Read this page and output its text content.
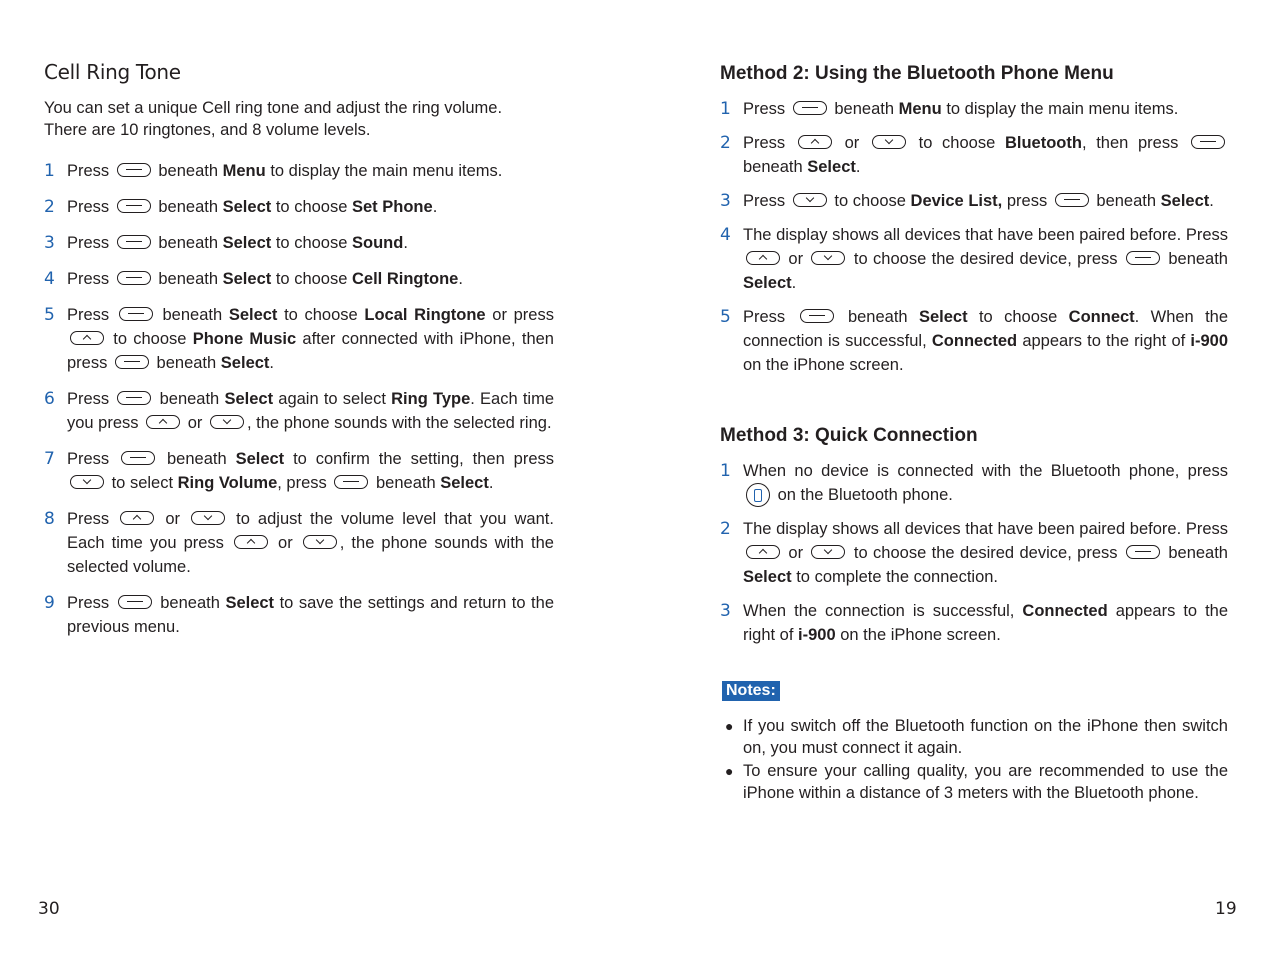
Cell Ring Tone

You can set a unique Cell ring tone and adjust the ring volume.
There are 10 ringtones, and 8 volume levels.

1 Press	beneath Menu to display the main menu items.
2 Press	beneath Select to choose Set Phone.
3 Press	beneath Select to choose Sound.
4 Press	beneath Select to choose Cell Ringtone.
5 Press	beneath Select to choose Local Ringtone or press  to choose Phone Music after connected with iPhone, then press	beneath Select.
6 Press	beneath Select again to select Ring Type. Each time you press	or	, the phone sounds with the selected ring.
7 Press	beneath Select to confirm the setting, then press  to select Ring Volume, press	beneath Select.
8 Press	or	to adjust the volume level that you want. Each time you press	or	, the phone sounds with the selected volume.
9 Press	beneath Select to save the settings and return to the previous menu.
Method 2: Using the Bluetooth Phone Menu
1 Press	beneath Menu to display the main menu items.
2 Press	or	to choose Bluetooth, then press  beneath Select.
3 Press	to choose Device List, press	beneath Select.
4 The display shows all devices that have been paired before. Press  or	to choose the desired device, press	beneath Select.
5 Press	beneath Select to choose Connect. When the connection is successful, Connected appears to the right of i-900 on the iPhone screen.
Method 3: Quick Connection
1 When no device is connected with the Bluetooth phone, press  on the Bluetooth phone.
2 The display shows all devices that have been paired before. Press  or	to choose the desired device, press	beneath Select to complete the connection.
3 When the connection is successful, Connected appears to the right of i-900 on the iPhone screen.
Notes:
● If you switch off the Bluetooth function on the iPhone then switch on, you must connect it again.
● To ensure your calling quality, you are recommended to use the iPhone within a distance of 3 meters with the Bluetooth phone.
30	19
